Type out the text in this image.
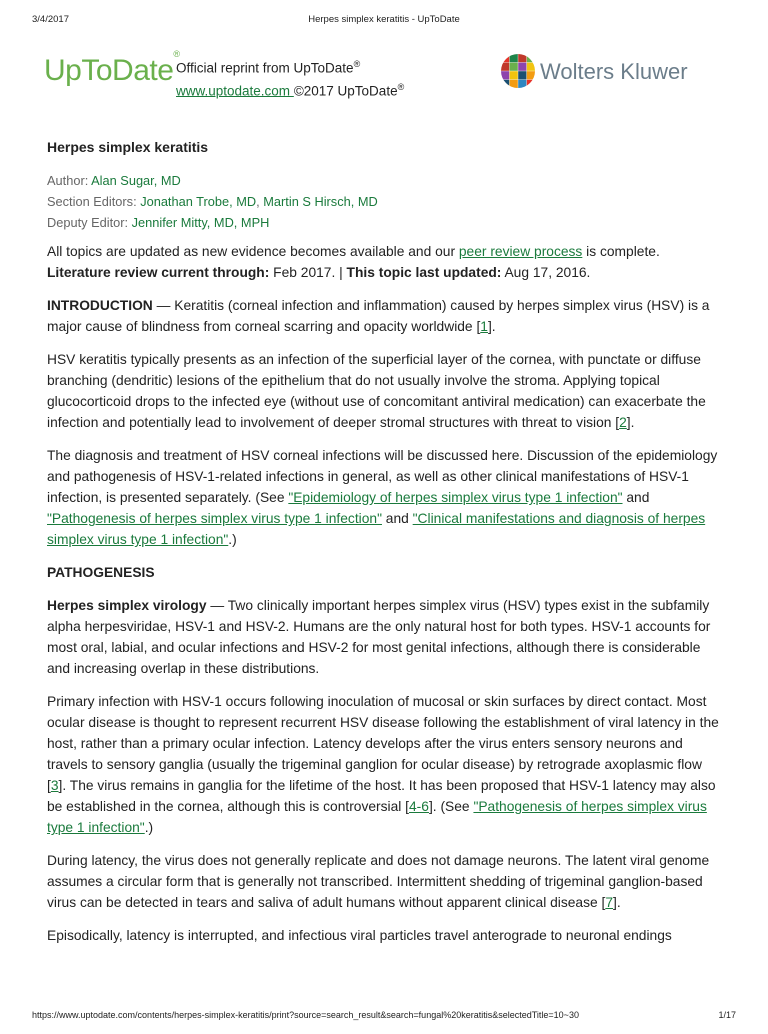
3/4/2017	Herpes simplex keratitis - UpToDate
UpToDate®
Official reprint from UpToDate®
www.uptodate.com ©2017 UpToDate®
Wolters Kluwer
Herpes simplex keratitis
Author: Alan Sugar, MD
Section Editors: Jonathan Trobe, MD, Martin S Hirsch, MD
Deputy Editor: Jennifer Mitty, MD, MPH

All topics are updated as new evidence becomes available and our peer review process is complete.
Literature review current through: Feb 2017. | This topic last updated: Aug 17, 2016.

INTRODUCTION — Keratitis (corneal infection and inflammation) caused by herpes simplex virus (HSV) is a major cause of blindness from corneal scarring and opacity worldwide [1].

HSV keratitis typically presents as an infection of the superficial layer of the cornea, with punctate or diffuse branching (dendritic) lesions of the epithelium that do not usually involve the stroma. Applying topical glucocorticoid drops to the infected eye (without use of concomitant antiviral medication) can exacerbate the infection and potentially lead to involvement of deeper stromal structures with threat to vision [2].

The diagnosis and treatment of HSV corneal infections will be discussed here. Discussion of the epidemiology and pathogenesis of HSV-1-related infections in general, as well as other clinical manifestations of HSV-1 infection, is presented separately. (See "Epidemiology of herpes simplex virus type 1 infection" and "Pathogenesis of herpes simplex virus type 1 infection" and "Clinical manifestations and diagnosis of herpes simplex virus type 1 infection".)

PATHOGENESIS

Herpes simplex virology — Two clinically important herpes simplex virus (HSV) types exist in the subfamily alpha herpesviridae, HSV-1 and HSV-2. Humans are the only natural host for both types. HSV-1 accounts for most oral, labial, and ocular infections and HSV-2 for most genital infections, although there is considerable and increasing overlap in these distributions.

Primary infection with HSV-1 occurs following inoculation of mucosal or skin surfaces by direct contact. Most ocular disease is thought to represent recurrent HSV disease following the establishment of viral latency in the host, rather than a primary ocular infection. Latency develops after the virus enters sensory neurons and travels to sensory ganglia (usually the trigeminal ganglion for ocular disease) by retrograde axoplasmic flow [3]. The virus remains in ganglia for the lifetime of the host. It has been proposed that HSV-1 latency may also be established in the cornea, although this is controversial [4-6]. (See "Pathogenesis of herpes simplex virus type 1 infection".)

During latency, the virus does not generally replicate and does not damage neurons. The latent viral genome assumes a circular form that is generally not transcribed. Intermittent shedding of trigeminal ganglion-based virus can be detected in tears and saliva of adult humans without apparent clinical disease [7].

Episodically, latency is interrupted, and infectious viral particles travel anterograde to neuronal endings

https://www.uptodate.com/contents/herpes-simplex-keratitis/print?source=search_result&search=fungal%20keratitis&selectedTitle=10~30	1/17
